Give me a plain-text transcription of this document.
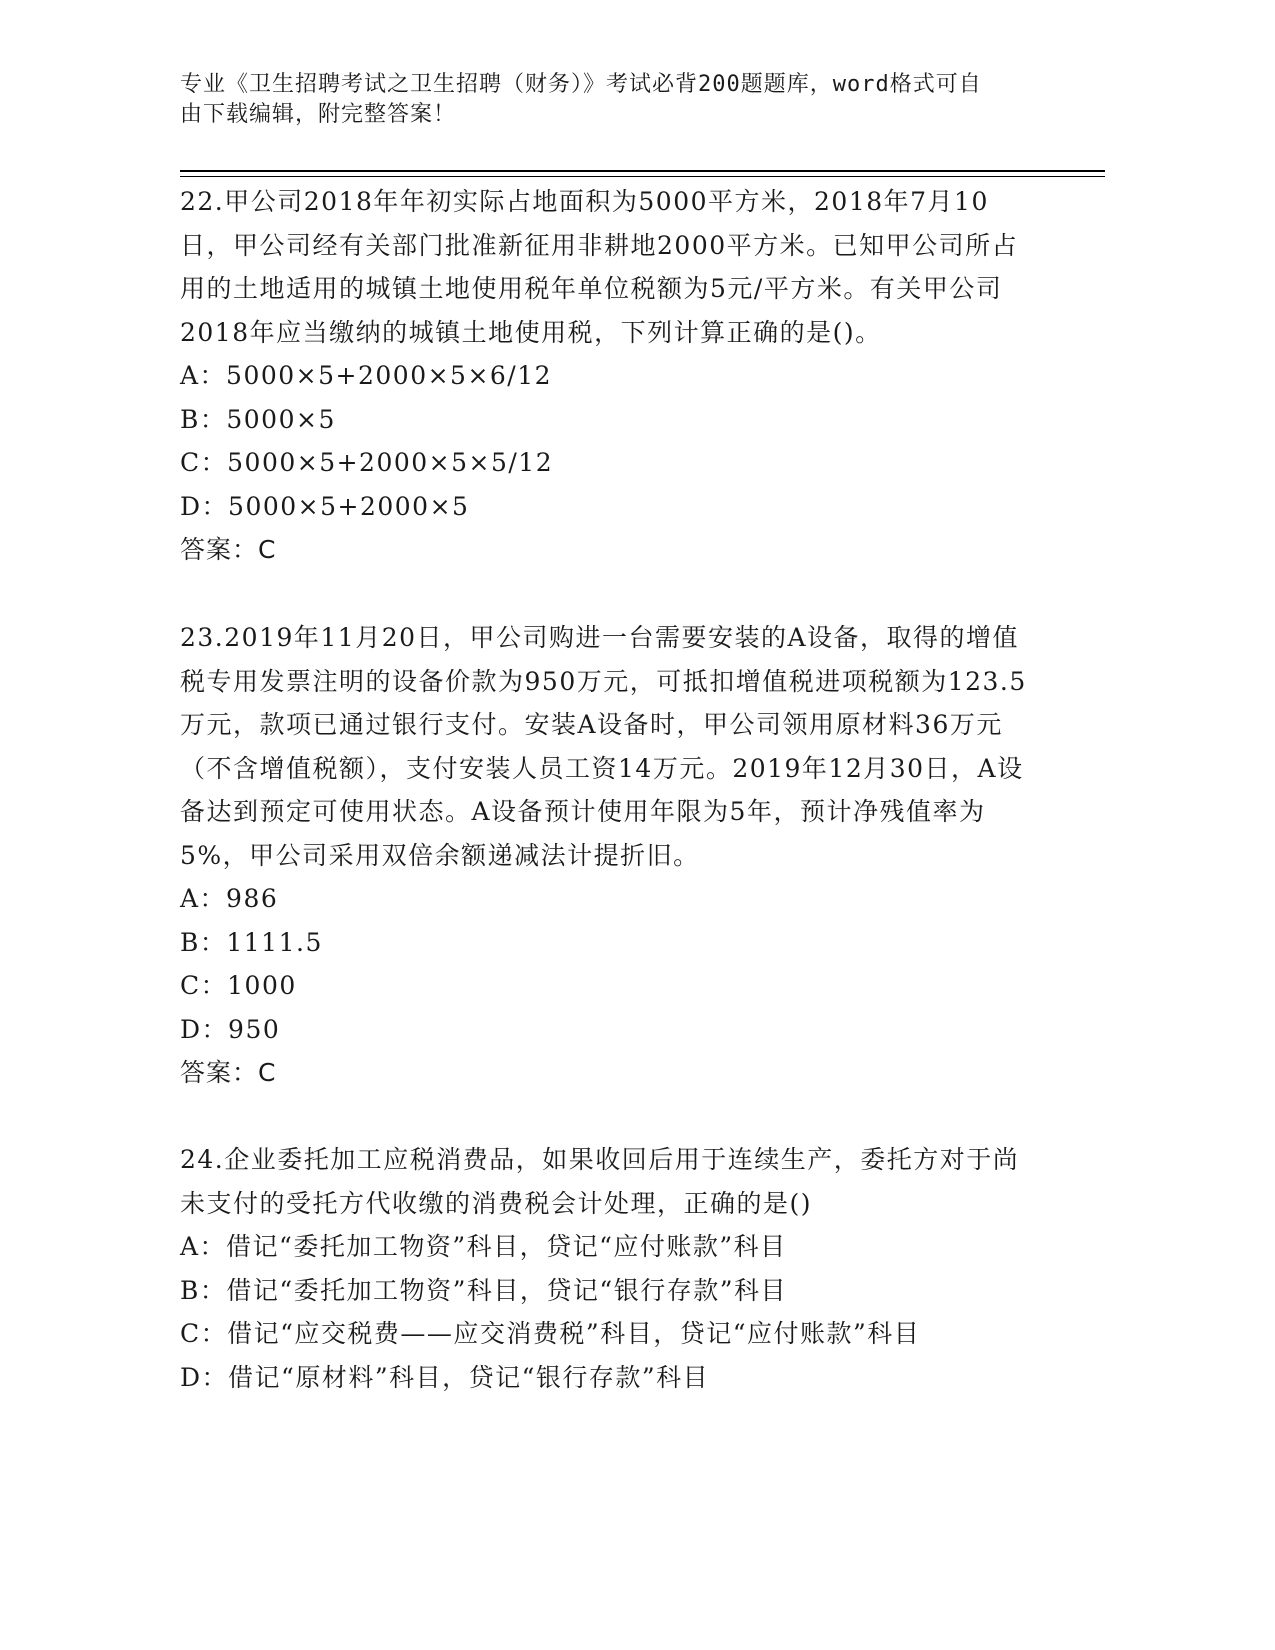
专业《卫生招聘考试之卫生招聘（财务）》考试必背200题题库，word格式可自
由下载编辑，附完整答案！

22.甲公司2018年年初实际占地面积为5000平方米，2018年7月10日，甲公司经有关部门批准新征用非耕地2000平方米。已知甲公司所占用的土地适用的城镇土地使用税年单位税额为5元/平方米。有关甲公司2018年应当缴纳的城镇土地使用税，下列计算正确的是()。

A：5000×5+2000×5×6/12

B：5000×5

C：5000×5+2000×5×5/12

D：5000×5+2000×5

答案：C

23.2019年11月20日，甲公司购进一台需要安装的A设备，取得的增值税专用发票注明的设备价款为950万元，可抵扣增值税进项税额为123.5万元，款项已通过银行支付。安装A设备时，甲公司领用原材料36万元（不含增值税额），支付安装人员工资14万元。2019年12月30日，A设备达到预定可使用状态。A设备预计使用年限为5年，预计净残值率为5%，甲公司采用双倍余额递减法计提折旧。

A：986

B：1111.5

C：1000

D：950

答案：C

24.企业委托加工应税消费品，如果收回后用于连续生产，委托方对于尚未支付的受托方代收缴的消费税会计处理，正确的是()

A：借记“委托加工物资”科目，贷记“应付账款”科目

B：借记“委托加工物资”科目，贷记“银行存款”科目

C：借记“应交税费——应交消费税”科目，贷记“应付账款”科目

D：借记“原材料”科目，贷记“银行存款”科目
